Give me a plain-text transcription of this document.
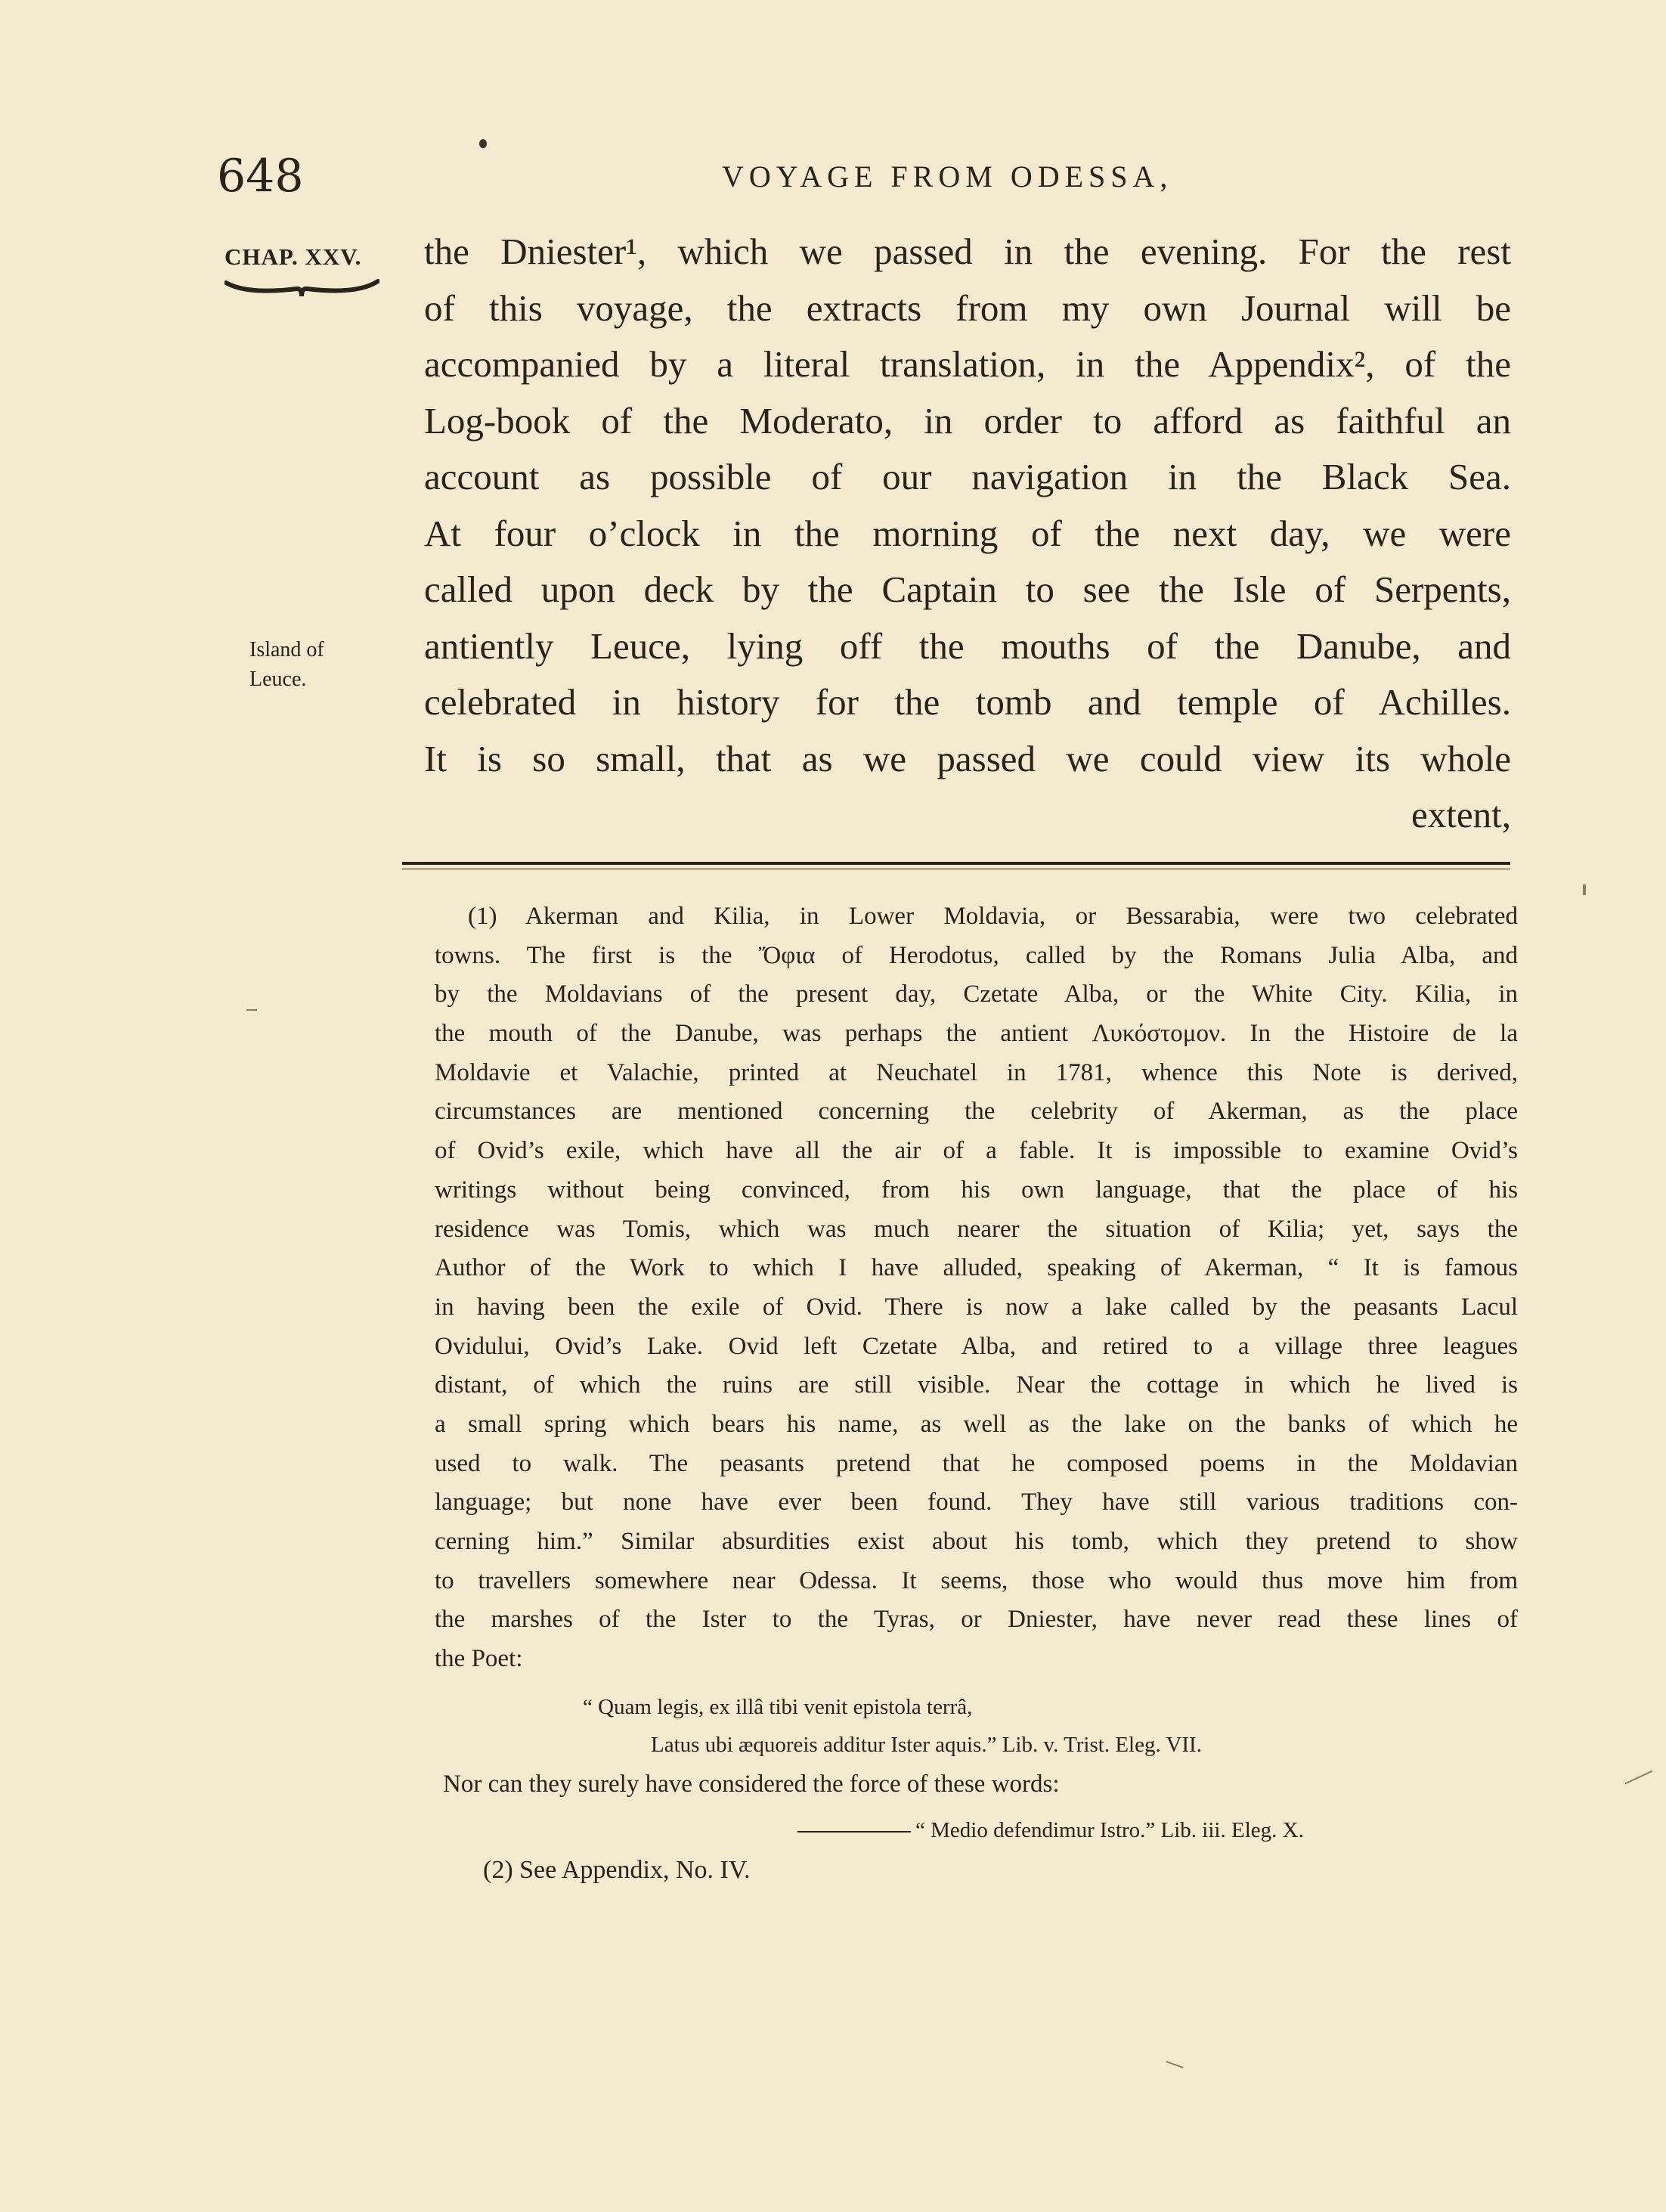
648	VOYAGE FROM ODESSA,
CHAP. XXV.
Island of
Leuce.
the Dniester¹, which we passed in the evening. For the rest
of this voyage, the extracts from my own Journal will be
accompanied by a literal translation, in the Appendix², of the
Log-book of the Moderato, in order to afford as faithful an
account as possible of our navigation in the Black Sea.
At four o’clock in the morning of the next day, we were
called upon deck by the Captain to see the Isle of Serpents,
antiently Leuce, lying off the mouths of the Danube, and
celebrated in history for the tomb and temple of Achilles.
It is so small, that as we passed we could view its whole
extent,
(1) Akerman and Kilia, in Lower Moldavia, or Bessarabia, were two celebrated
towns. The first is the Ὄφια of Herodotus, called by the Romans Julia Alba, and
by the Moldavians of the present day, Czetate Alba, or the White City. Kilia, in
the mouth of the Danube, was perhaps the antient Λυκόστομον. In the Histoire de la
Moldavie et Valachie, printed at Neuchatel in 1781, whence this Note is derived,
circumstances are mentioned concerning the celebrity of Akerman, as the place
of Ovid’s exile, which have all the air of a fable. It is impossible to examine Ovid’s
writings without being convinced, from his own language, that the place of his
residence was Tomis, which was much nearer the situation of Kilia; yet, says the
Author of the Work to which I have alluded, speaking of Akerman, “ It is famous
in having been the exile of Ovid. There is now a lake called by the peasants Lacul
Ovidului, Ovid’s Lake. Ovid left Czetate Alba, and retired to a village three leagues
distant, of which the ruins are still visible. Near the cottage in which he lived is
a small spring which bears his name, as well as the lake on the banks of which he
used to walk. The peasants pretend that he composed poems in the Moldavian
language; but none have ever been found. They have still various traditions con-
cerning him.” Similar absurdities exist about his tomb, which they pretend to show
to travellers somewhere near Odessa. It seems, those who would thus move him from
the marshes of the Ister to the Tyras, or Dniester, have never read these lines of
the Poet:
“ Quam legis, ex illâ tibi venit epistola terrâ,
Latus ubi æquoreis additur Ister aquis.” Lib. v. Trist. Eleg. VII.
Nor can they surely have considered the force of these words:
“ Medio defendimur Istro.” Lib. iii. Eleg. X.
(2) See Appendix, No. IV.
